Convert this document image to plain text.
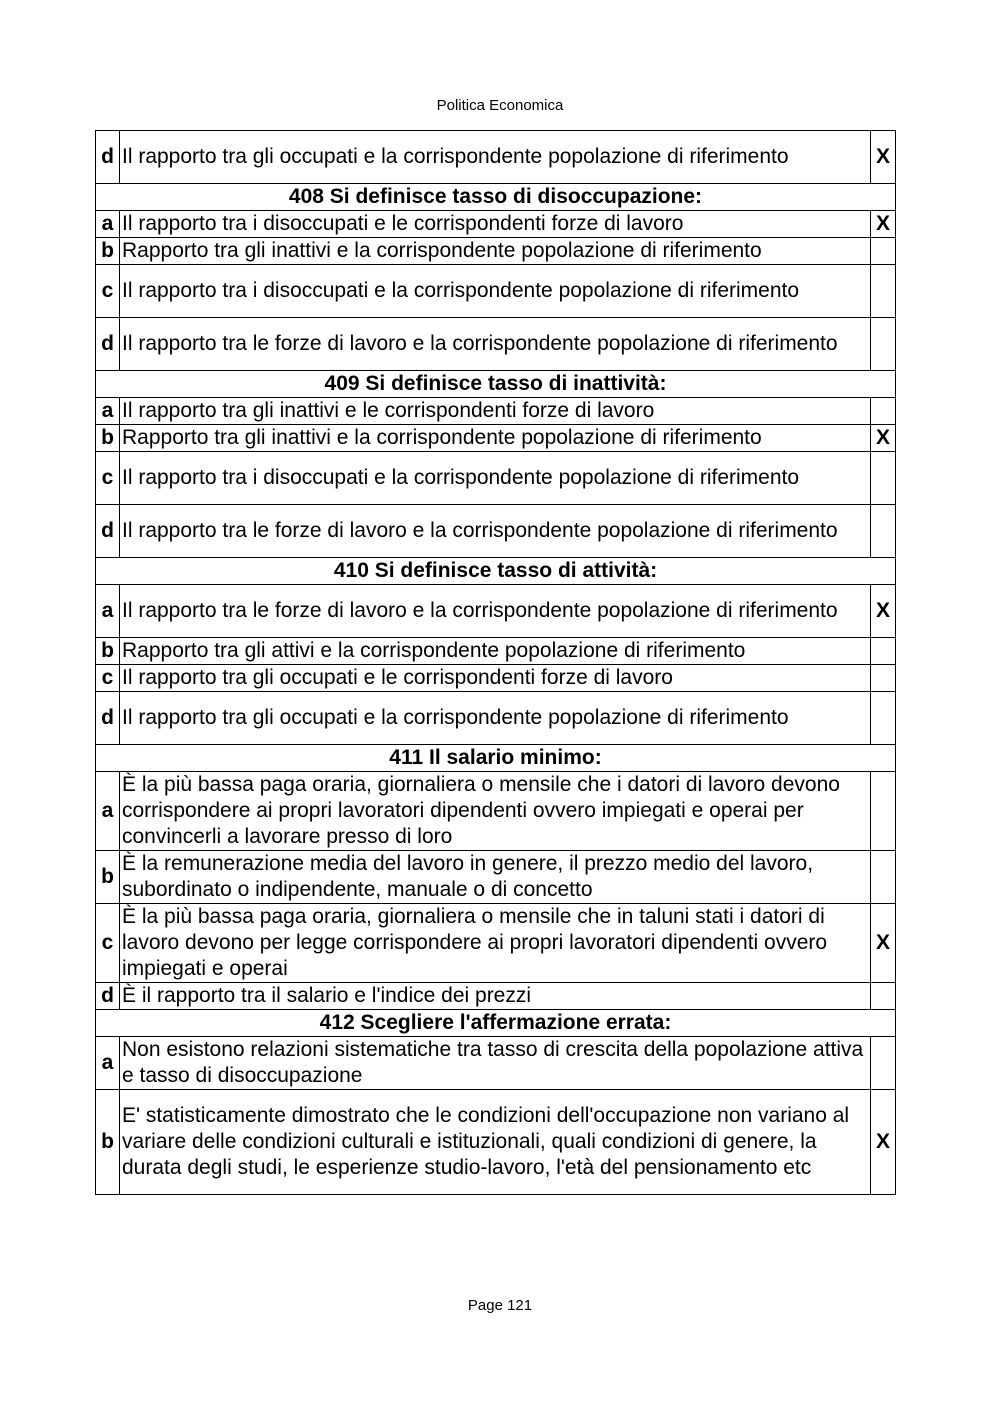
Politica Economica
d	Il rapporto tra gli occupati e la corrispondente popolazione di riferimento	X
408 Si definisce tasso di disoccupazione:		
a	Il rapporto tra i disoccupati e le corrispondenti forze di lavoro	X
b	Rapporto tra gli inattivi e la corrispondente popolazione di riferimento	
c	Il rapporto tra i disoccupati e la corrispondente popolazione di riferimento	
d	Il rapporto tra le forze di lavoro e la corrispondente popolazione di riferimento	
409 Si definisce tasso di inattività:		
a	Il rapporto tra gli inattivi e le corrispondenti forze di lavoro	
b	Rapporto tra gli inattivi e la corrispondente popolazione di riferimento	X
c	Il rapporto tra i disoccupati e la corrispondente popolazione di riferimento	
d	Il rapporto tra le forze di lavoro e la corrispondente popolazione di riferimento	
410 Si definisce tasso di attività:		
a	Il rapporto tra le forze di lavoro e la corrispondente popolazione di riferimento	X
b	Rapporto tra gli attivi e la corrispondente popolazione di riferimento	
c	Il rapporto tra gli occupati e le corrispondenti forze di lavoro	
d	Il rapporto tra gli occupati e la corrispondente popolazione di riferimento	
411 Il salario minimo:		
a	È la più bassa paga oraria, giornaliera o mensile che i datori di lavoro devono corrispondere ai propri lavoratori dipendenti ovvero impiegati e operai per convincerli a lavorare presso di loro	
b	È la remunerazione media del lavoro in genere, il prezzo medio del lavoro, subordinato o indipendente, manuale o di concetto	
c	È la più bassa paga oraria, giornaliera o mensile che in taluni stati i datori di lavoro devono per legge corrispondere ai propri lavoratori dipendenti ovvero impiegati e operai	X
d	È il rapporto tra il salario e l'indice dei prezzi	
412 Scegliere l'affermazione errata:		
a	Non esistono relazioni sistematiche tra tasso di crescita della popolazione attiva e tasso di disoccupazione	
b	E' statisticamente dimostrato che le condizioni dell'occupazione non variano al variare delle condizioni culturali e istituzionali, quali condizioni di genere, la durata degli studi, le esperienze studio-lavoro, l'età del pensionamento etc	X
Page 121
